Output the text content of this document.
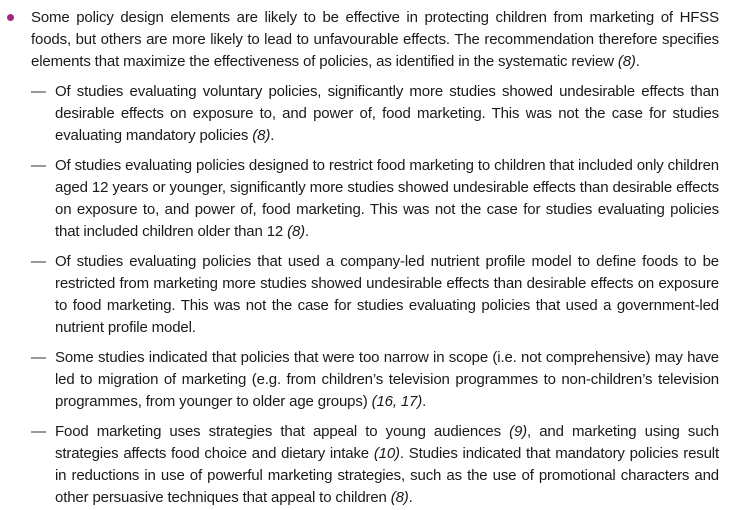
Some policy design elements are likely to be effective in protecting children from marketing of HFSS foods, but others are more likely to lead to unfavourable effects. The recommendation therefore specifies elements that maximize the effectiveness of policies, as identified in the systematic review (8).

— Of studies evaluating voluntary policies, significantly more studies showed undesirable effects than desirable effects on exposure to, and power of, food marketing. This was not the case for studies evaluating mandatory policies (8).

— Of studies evaluating policies designed to restrict food marketing to children that included only children aged 12 years or younger, significantly more studies showed undesirable effects than desirable effects on exposure to, and power of, food marketing. This was not the case for studies evaluating policies that included children older than 12 (8).

— Of studies evaluating policies that used a company-led nutrient profile model to define foods to be restricted from marketing more studies showed undesirable effects than desirable effects on exposure to food marketing. This was not the case for studies evaluating policies that used a government-led nutrient profile model.

— Some studies indicated that policies that were too narrow in scope (i.e. not comprehensive) may have led to migration of marketing (e.g. from children’s television programmes to non-children’s television programmes, from younger to older age groups) (16, 17).

— Food marketing uses strategies that appeal to young audiences (9), and marketing using such strategies affects food choice and dietary intake (10). Studies indicated that mandatory policies result in reductions in use of powerful marketing strategies, such as the use of promotional characters and other persuasive techniques that appeal to children (8).
